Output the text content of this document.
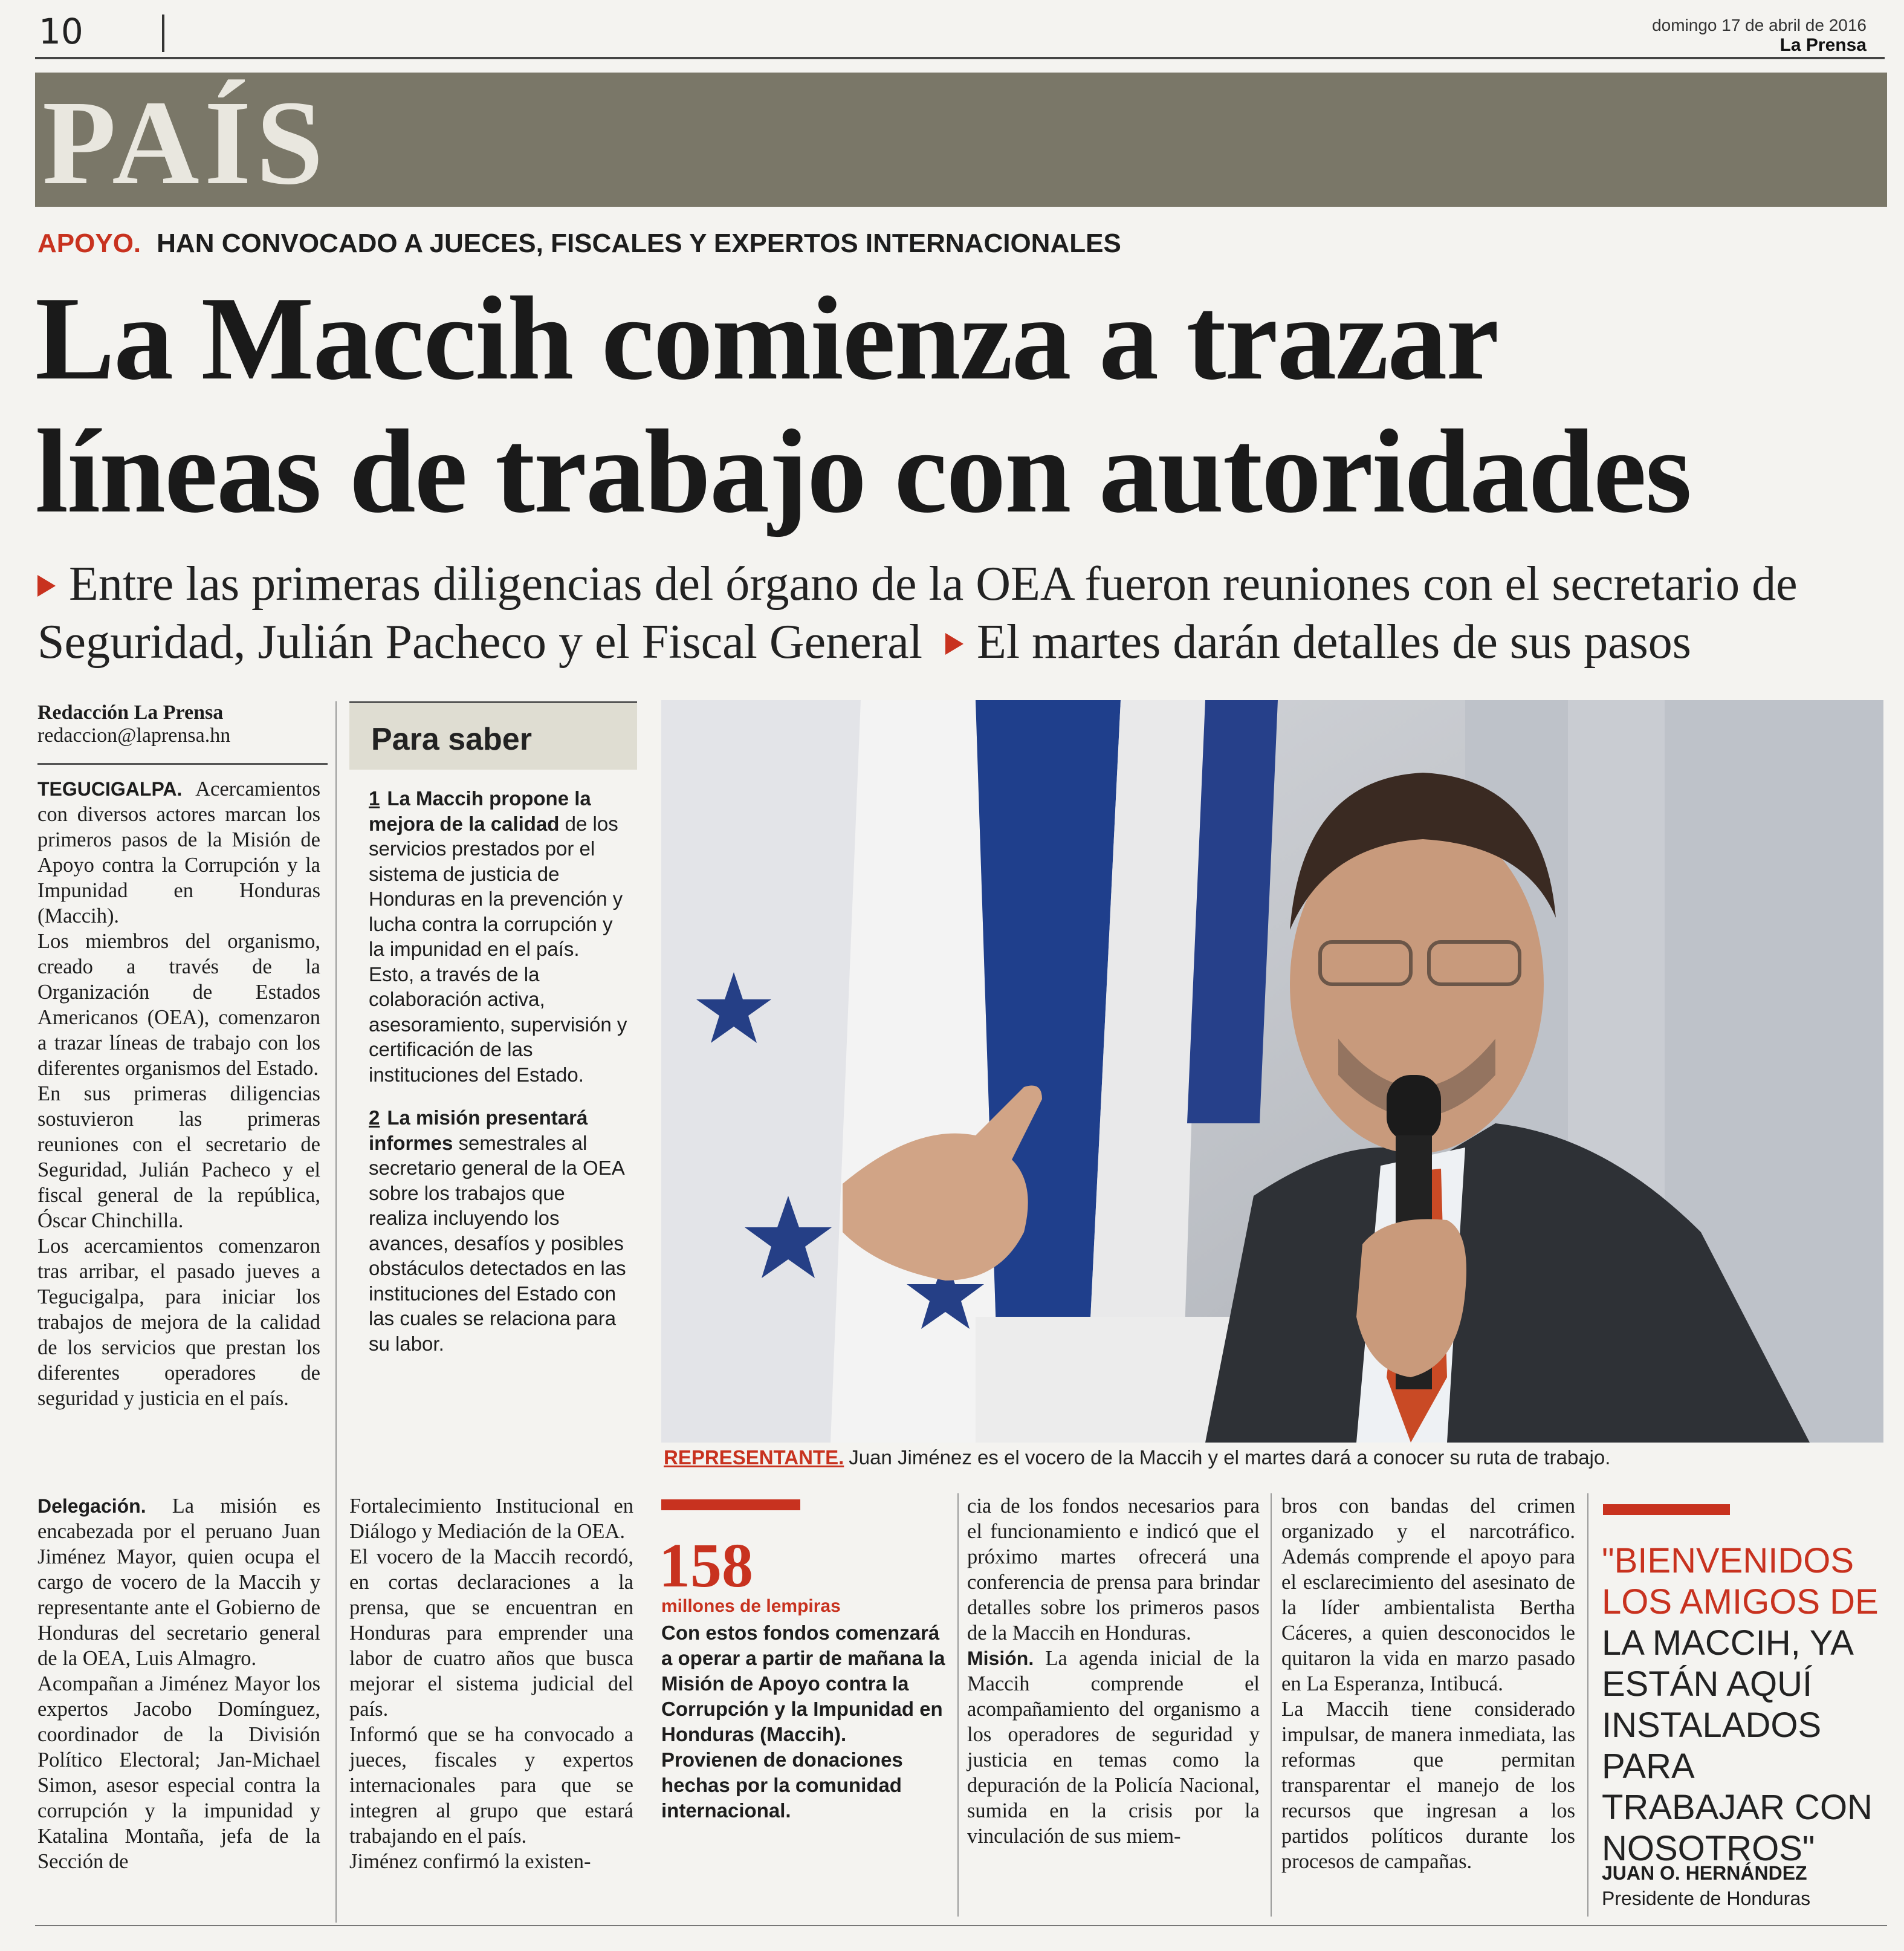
10	domingo 17 de abril de 2016
La Prensa
PAÍS
APOYO. HAN CONVOCADO A JUECES, FISCALES Y EXPERTOS INTERNACIONALES
La Maccih comienza a trazar
líneas de trabajo con autoridades
Entre las primeras diligencias del órgano de la OEA fueron reuniones con el secretario de Seguridad, Julián Pacheco y el Fiscal General El martes darán detalles de sus pasos
Redacción La Prensa
redaccion@laprensa.hn

TEGUCIGALPA. Acercamientos con diversos actores marcan los primeros pasos de la Misión de Apoyo contra la Corrupción y la Impunidad en Honduras (Maccih).

Los miembros del organismo, creado a través de la Organización de Estados Americanos (OEA), comenzaron a trazar líneas de trabajo con los diferentes organismos del Estado.

En sus primeras diligencias sostuvieron las primeras reuniones con el secretario de Seguridad, Julián Pacheco y el fiscal general de la república, Óscar Chinchilla.

Los acercamientos comenzaron tras arribar, el pasado jueves a Tegucigalpa, para iniciar los trabajos de mejora de la calidad de los servicios que prestan los diferentes operadores de seguridad y justicia en el país.

Delegación. La misión es encabezada por el peruano Juan Jiménez Mayor, quien ocupa el cargo de vocero de la Maccih y representante ante el Gobierno de Honduras del secretario general de la OEA, Luis Almagro.

Acompañan a Jiménez Mayor los expertos Jacobo Domínguez, coordinador de la División Político Electoral; Jan-Michael Simon, asesor especial contra la corrupción y la impunidad y Katalina Montaña, jefa de la Sección de

Para saber
1 La Maccih propone la mejora de la calidad de los servicios prestados por el sistema de justicia de Honduras en la prevención y lucha contra la corrupción y la impunidad en el país. Esto, a través de la colaboración activa, asesoramiento, supervisión y certificación de las instituciones del Estado.
2 La misión presentará informes semestrales al secretario general de la OEA sobre los trabajos que realiza incluyendo los avances, desafíos y posibles obstáculos detectados en las instituciones del Estado con las cuales se relaciona para su labor.

Fortalecimiento Institucional en Diálogo y Mediación de la OEA.

El vocero de la Maccih recordó, en cortas declaraciones a la prensa, que se encuentran en Honduras para emprender una labor de cuatro años que busca mejorar el sistema judicial del país.

Informó que se ha convocado a jueces, fiscales y expertos internacionales para que se integren al grupo que estará trabajando en el país.

Jiménez confirmó la existen-

REPRESENTANTE. Juan Jiménez es el vocero de la Maccih y el martes dará a conocer su ruta de trabajo.
158
millones de lempiras
Con estos fondos comenzará a operar a partir de mañana la Misión de Apoyo contra la Corrupción y la Impunidad en Honduras (Maccih). Provienen de donaciones hechas por la comunidad internacional.

cia de los fondos necesarios para el funcionamiento e indicó que el próximo martes ofrecerá una conferencia de prensa para brindar detalles sobre los primeros pasos de la Maccih en Honduras.

Misión. La agenda inicial de la Maccih comprende el acompañamiento del organismo a los operadores de seguridad y justicia en temas como la depuración de la Policía Nacional, sumida en la crisis por la vinculación de sus miem-

bros con bandas del crimen organizado y el narcotráfico. Además comprende el apoyo para el esclarecimiento del asesinato de la líder ambientalista Bertha Cáceres, a quien desconocidos le quitaron la vida en marzo pasado en La Esperanza, Intibucá.

La Maccih tiene considerado impulsar, de manera inmediata, las reformas que permitan transparentar el manejo de los recursos que ingresan a los partidos políticos durante los procesos de campañas.

"BIENVENIDOS LOS AMIGOS DE LA MACCIH, YA ESTÁN AQUÍ INSTALADOS PARA TRABAJAR CON NOSOTROS"
JUAN O. HERNÁNDEZ
Presidente de Honduras
